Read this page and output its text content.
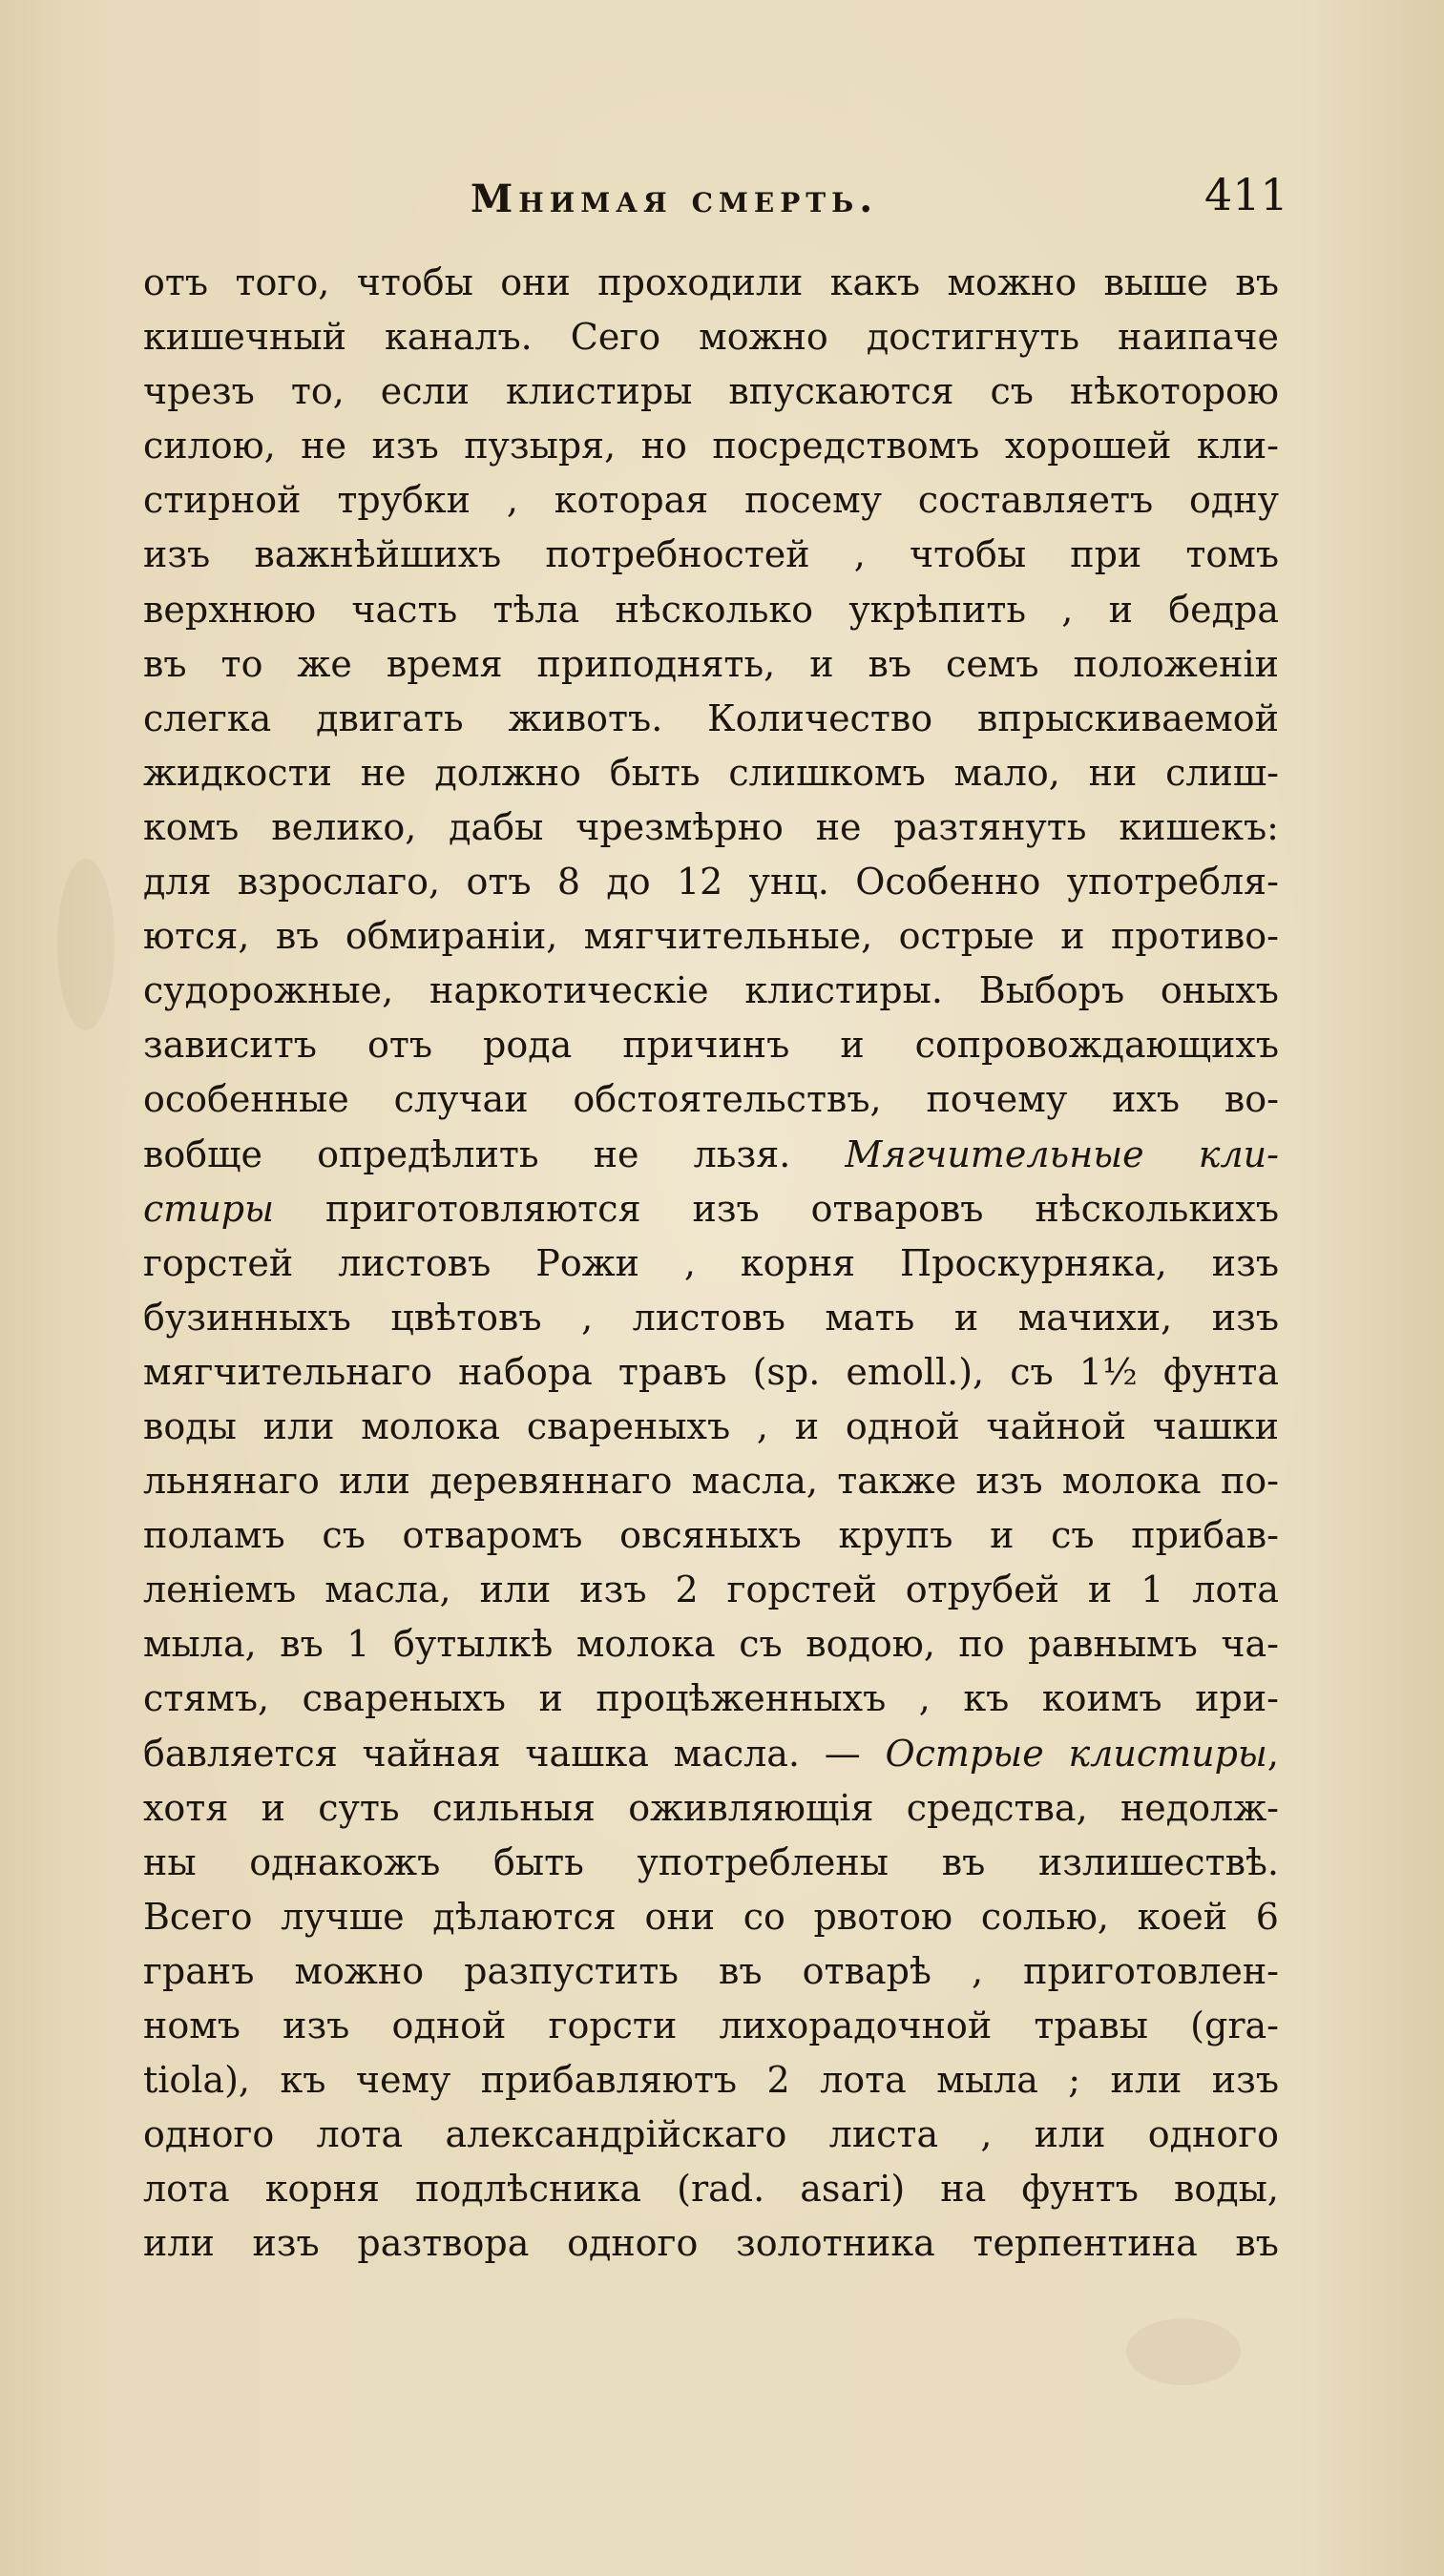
Мнимая смерть.	411
отъ того, чтобы они проходили какъ можно выше въ
кишечный каналъ. Сего можно достигнуть наипаче
чрезъ то, если клистиры впускаются съ нѣкоторою
силою, не изъ пузыря, но посредствомъ хорошей кли-
стирной трубки , которая посему составляетъ одну
изъ важнѣйшихъ потребностей , чтобы при томъ
верхнюю часть тѣла нѣсколько укрѣпить , и бедра
въ то же время приподнять, и въ семъ положеніи
слегка двигать животъ. Количество впрыскиваемой
жидкости не должно быть слишкомъ мало, ни слиш-
комъ велико, дабы чрезмѣрно не разтянуть кишекъ:
для взрослаго, отъ 8 до 12 унц. Особенно употребля-
ются, въ обмираніи, мягчительные, острые и противо-
судорожные, наркотическіе клистиры. Выборъ оныхъ
зависитъ отъ рода причинъ и сопровождающихъ
особенные случаи обстоятельствъ, почему ихъ во-
вобще опредѣлить не льзя. Мягчительные кли-
стиры приготовляются изъ отваровъ нѣсколькихъ
горстей листовъ Рожи , корня Проскурняка, изъ
бузинныхъ цвѣтовъ , листовъ мать и мачихи, изъ
мягчительнаго набора травъ (sp. emoll.), съ 1½ фунта
воды или молока свареныхъ , и одной чайной чашки
льнянаго или деревяннаго масла, также изъ молока по-
поламъ съ отваромъ овсяныхъ крупъ и съ прибав-
леніемъ масла, или изъ 2 горстей отрубей и 1 лота
мыла, въ 1 бутылкѣ молока съ водою, по равнымъ ча-
стямъ, свареныхъ и процѣженныхъ , къ коимъ ири-
бавляется чайная чашка масла. — Острые клистиры,
хотя и суть сильныя оживляющія средства, недолж-
ны однакожъ быть употреблены въ излишествѣ.
Всего лучше дѣлаются они со рвотою солью, коей 6
гранъ можно разпустить въ отварѣ , приготовлен-
номъ изъ одной горсти лихорадочной травы (gra-
tiola), къ чему прибавляютъ 2 лота мыла ; или изъ
одного лота александрійскаго листа , или одного
лота корня подлѣсника (rad. asari) на фунтъ воды,
или изъ разтвора одного золотника терпентина въ
